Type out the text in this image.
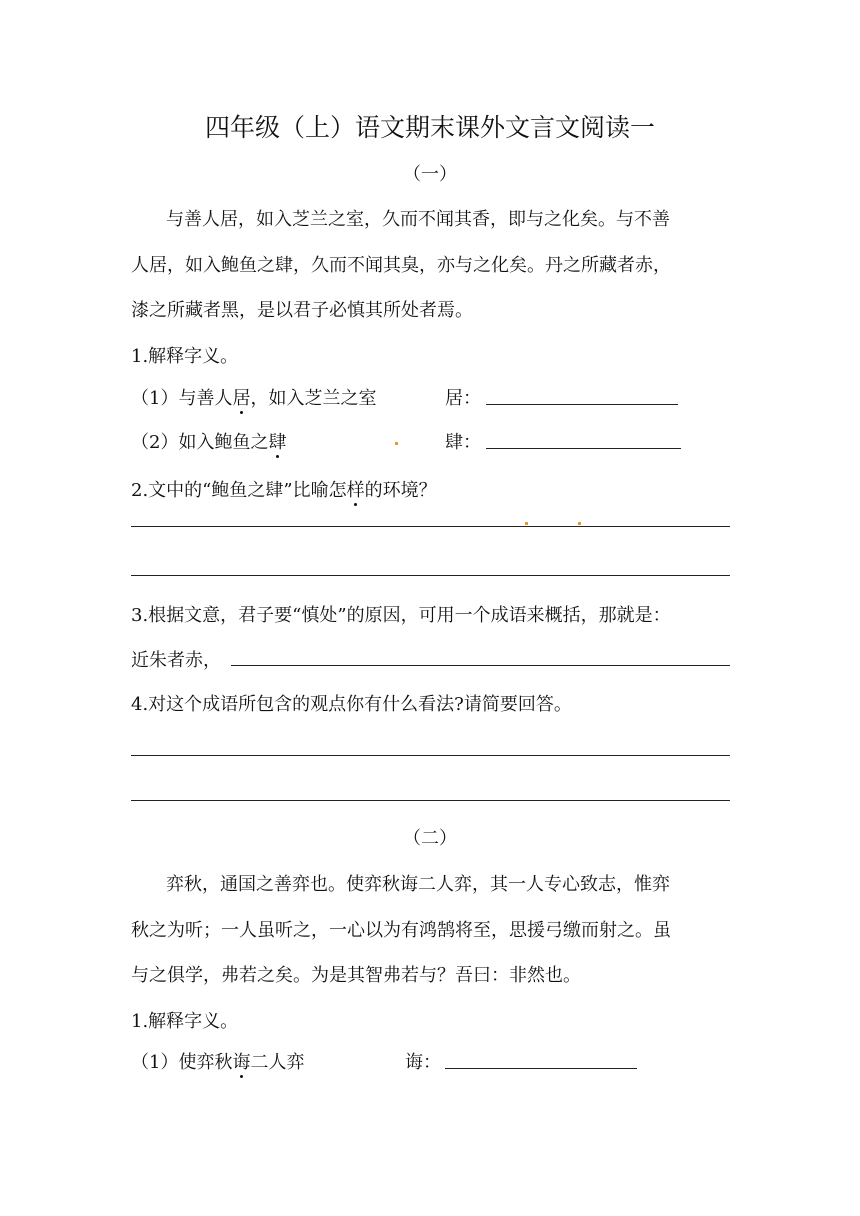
四年级（上）语文期末课外文言文阅读一
（一）
与善人居，如入芝兰之室，久而不闻其香，即与之化矣。与不善
人居，如入鲍鱼之肆，久而不闻其臭，亦与之化矣。丹之所藏者赤，
漆之所藏者黑，是以君子必慎其所处者焉。
1.解释字义。
（1）与善人居，如入芝兰之室	居：
（2）如入鲍鱼之肆	肆：
2.文中的“鲍鱼之肆”比喻怎样的环境？
3.根据文意，君子要“慎处”的原因，可用一个成语来概括，那就是：
近朱者赤，
4.对这个成语所包含的观点你有什么看法?请简要回答。
（二）
弈秋，通国之善弈也。使弈秋诲二人弈，其一人专心致志，惟弈
秋之为听；一人虽听之，一心以为有鸿鹄将至，思援弓缴而射之。虽
与之俱学，弗若之矣。为是其智弗若与？吾曰：非然也。
1.解释字义。
（1）使弈秋诲二人弈	诲：
